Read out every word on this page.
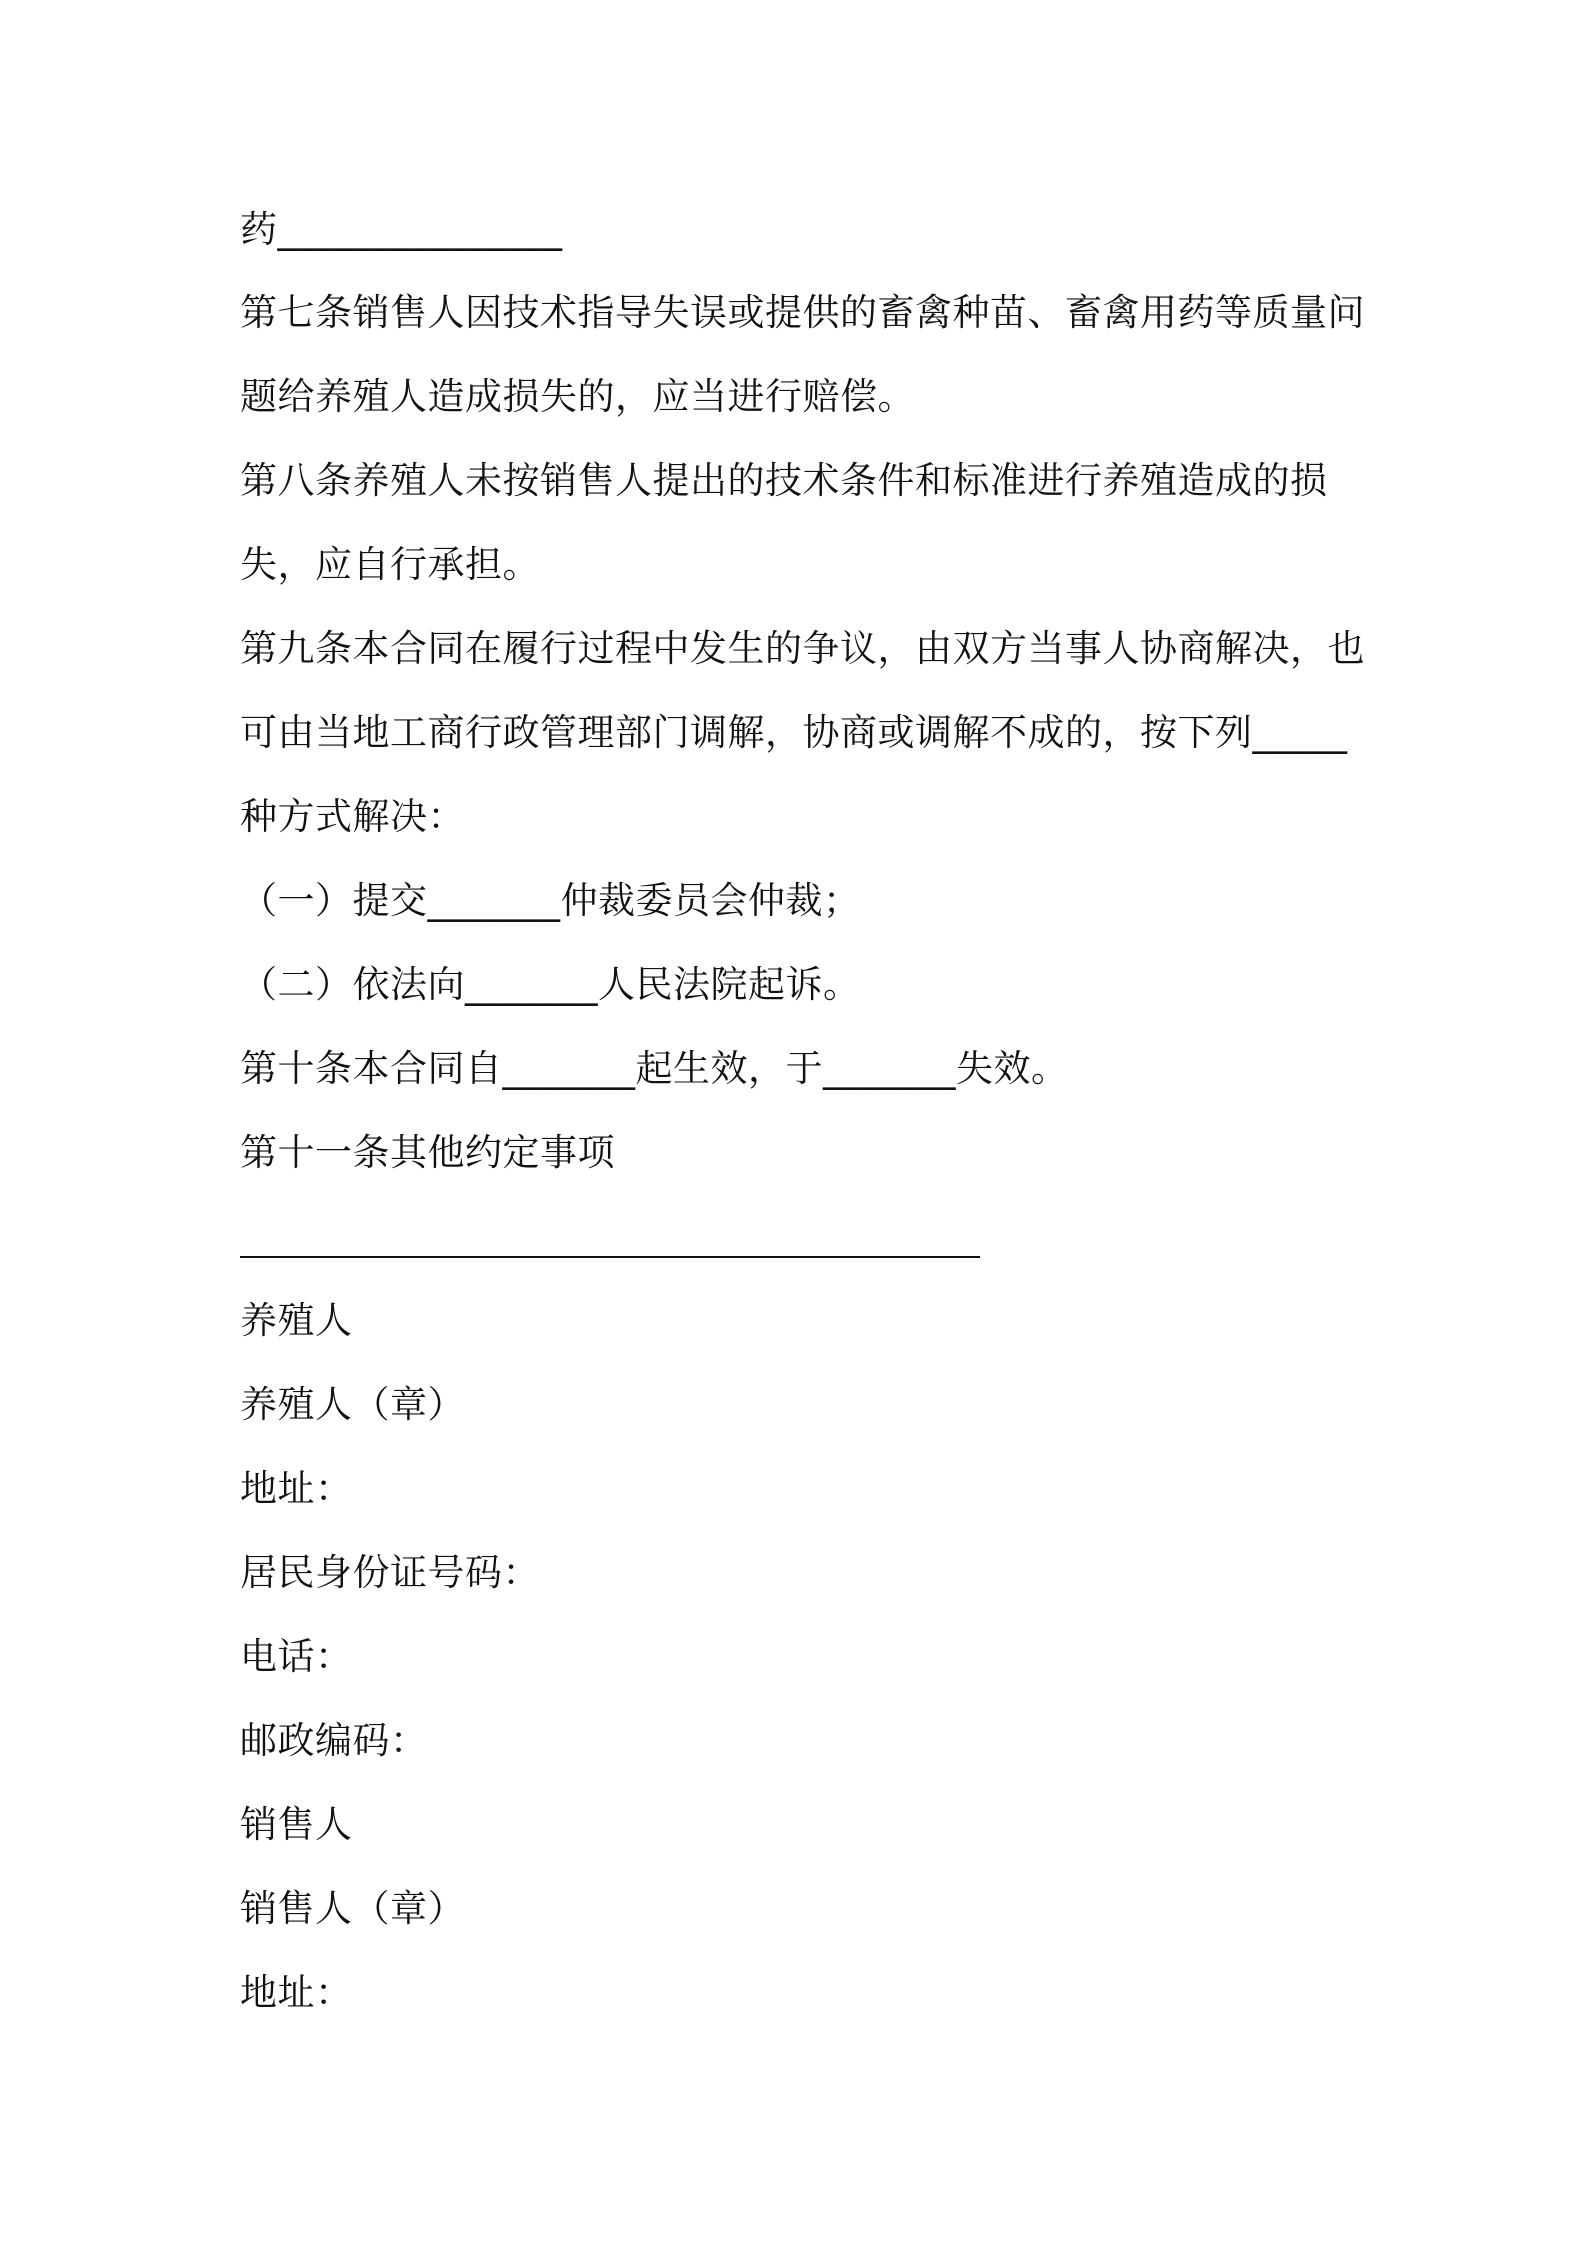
药_______________
第七条销售人因技术指导失误或提供的畜禽种苗、畜禽用药等质量问
题给养殖人造成损失的，应当进行赔偿。
第八条养殖人未按销售人提出的技术条件和标准进行养殖造成的损
失，应自行承担。
第九条本合同在履行过程中发生的争议，由双方当事人协商解决，也
可由当地工商行政管理部门调解，协商或调解不成的，按下列_____
种方式解决：
（一）提交_______仲裁委员会仲裁；
（二）依法向_______人民法院起诉。
第十条本合同自_______起生效，于_______失效。
第十一条其他约定事项
养殖人
养殖人（章）
地址：
居民身份证号码：
电话：
邮政编码：
销售人
销售人（章）
地址：
